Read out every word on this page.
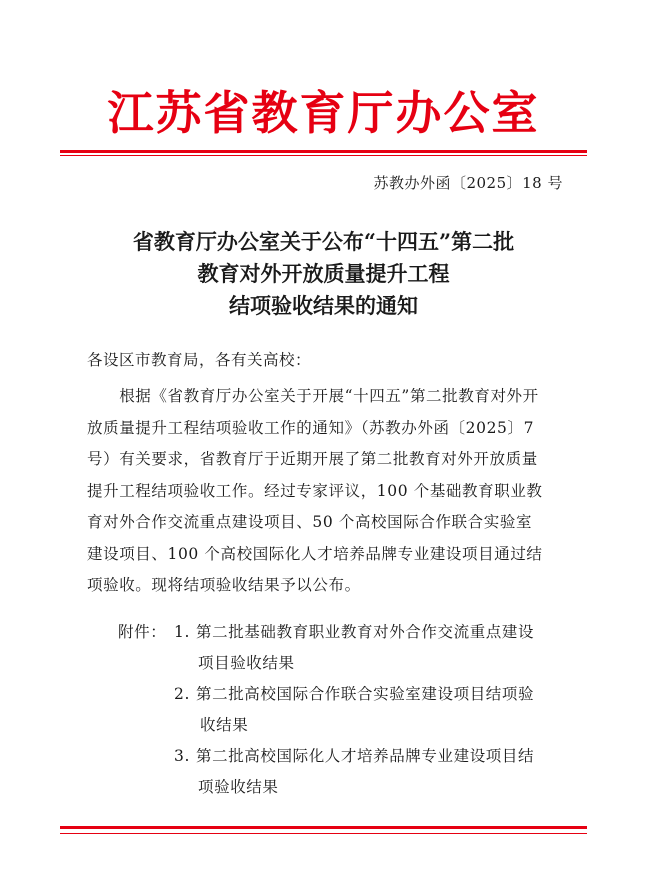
江苏省教育厅办公室
苏教办外函〔2025〕18 号
省教育厅办公室关于公布“十四五”第二批
教育对外开放质量提升工程
结项验收结果的通知
各设区市教育局，各有关高校：
　　根据《省教育厅办公室关于开展“十四五”第二批教育对外开
放质量提升工程结项验收工作的通知》（苏教办外函〔2025〕7
号）有关要求，省教育厅于近期开展了第二批教育对外开放质量
提升工程结项验收工作。经过专家评议，100 个基础教育职业教
育对外合作交流重点建设项目、50 个高校国际合作联合实验室
建设项目、100 个高校国际化人才培养品牌专业建设项目通过结
项验收。现将结项验收结果予以公布。
附件： 1. 第二批基础教育职业教育对外合作交流重点建设
项目验收结果
2. 第二批高校国际合作联合实验室建设项目结项验
收结果
3. 第二批高校国际化人才培养品牌专业建设项目结
项验收结果
